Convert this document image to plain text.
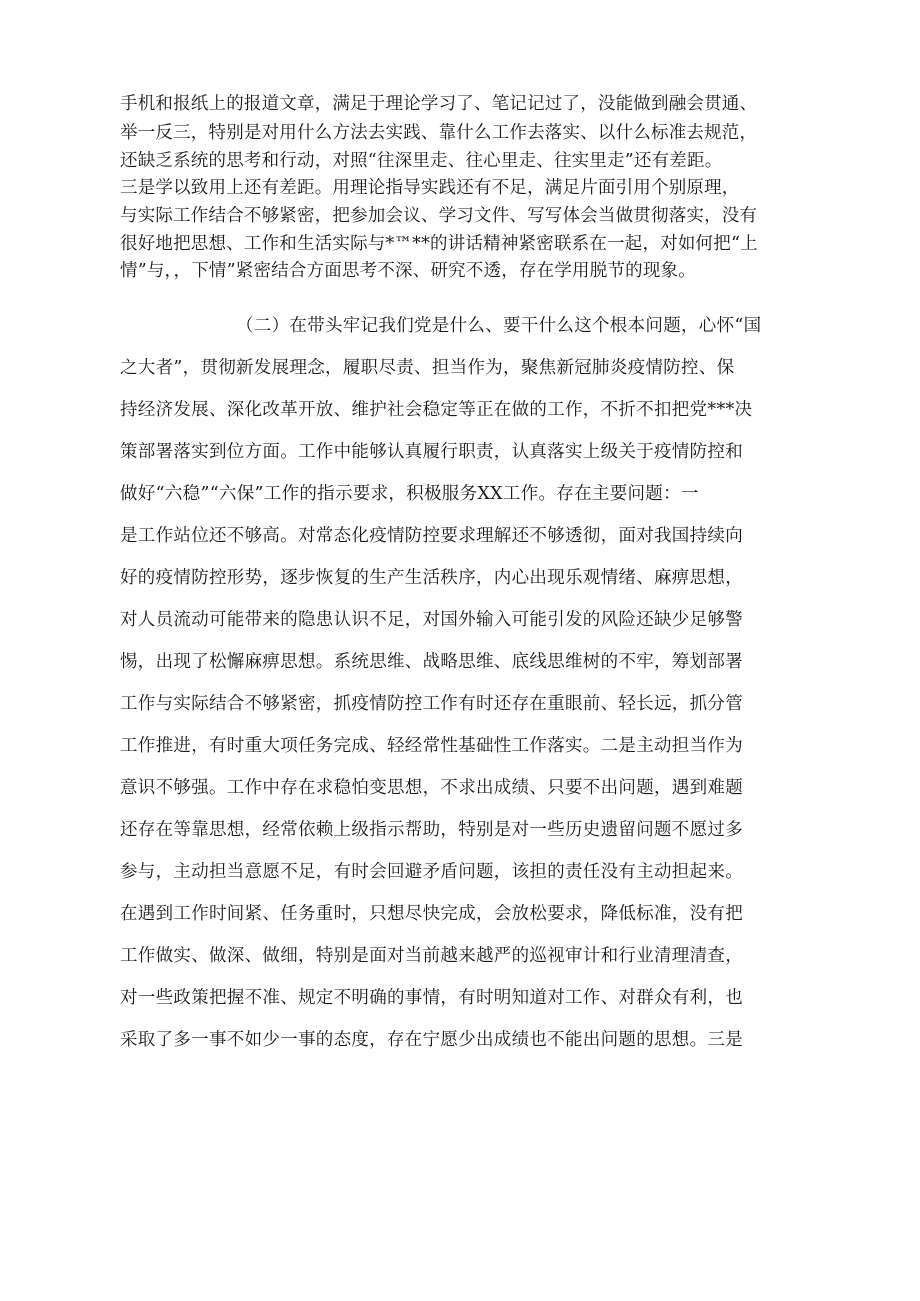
手机和报纸上的报道文章，满足于理论学习了、笔记记过了，没能做到融会贯通、
举一反三，特别是对用什么方法去实践、靠什么工作去落实、以什么标准去规范，
还缺乏系统的思考和行动，对照“往深里走、往心里走、往实里走”还有差距。
三是学以致用上还有差距。用理论指导实践还有不足，满足片面引用个别原理，
与实际工作结合不够紧密，把参加会议、学习文件、写写体会当做贯彻落实，没有
很好地把思想、工作和生活实际与*™**的讲话精神紧密联系在一起，对如何把“上
情”与，，下情”紧密结合方面思考不深、研究不透，存在学用脱节的现象。
（二）在带头牢记我们党是什么、要干什么这个根本问题，心怀“国
之大者”，贯彻新发展理念，履职尽责、担当作为，聚焦新冠肺炎疫情防控、保
持经济发展、深化改革开放、维护社会稳定等正在做的工作，不折不扣把党***决
策部署落实到位方面。工作中能够认真履行职责，认真落实上级关于疫情防控和
做好“六稳”“六保”工作的指示要求，积极服务XX工作。存在主要问题：一
是工作站位还不够高。对常态化疫情防控要求理解还不够透彻，面对我国持续向
好的疫情防控形势，逐步恢复的生产生活秩序，内心出现乐观情绪、麻痹思想，
对人员流动可能带来的隐患认识不足，对国外输入可能引发的风险还缺少足够警
惕，出现了松懈麻痹思想。系统思维、战略思维、底线思维树的不牢，筹划部署
工作与实际结合不够紧密，抓疫情防控工作有时还存在重眼前、轻长远，抓分管
工作推进，有时重大项任务完成、轻经常性基础性工作落实。二是主动担当作为
意识不够强。工作中存在求稳怕变思想，不求出成绩、只要不出问题，遇到难题
还存在等靠思想，经常依赖上级指示帮助，特别是对一些历史遗留问题不愿过多
参与，主动担当意愿不足，有时会回避矛盾问题，该担的责任没有主动担起来。
在遇到工作时间紧、任务重时，只想尽快完成，会放松要求，降低标准，没有把
工作做实、做深、做细，特别是面对当前越来越严的巡视审计和行业清理清查，
对一些政策把握不准、规定不明确的事情，有时明知道对工作、对群众有利，也
采取了多一事不如少一事的态度，存在宁愿少出成绩也不能出问题的思想。三是
